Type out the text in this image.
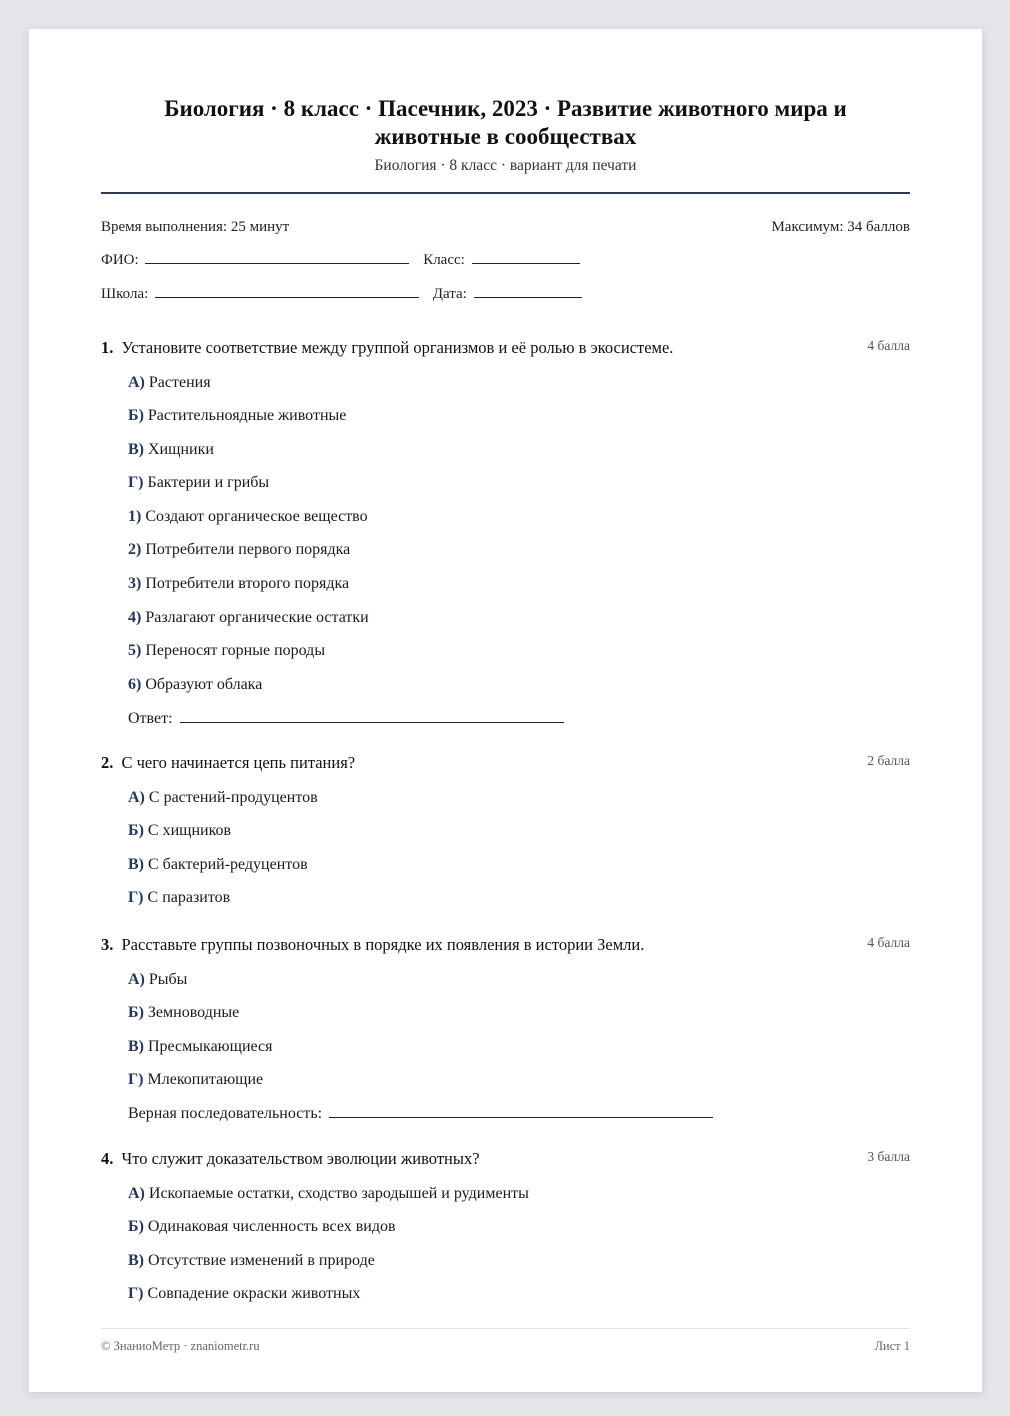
Биология · 8 класс · Пасечник, 2023 · Развитие животного мира и
животные в сообществах
Биология · 8 класс · вариант для печати
Время выполнения: 25 минут	Максимум: 34 баллов
ФИО:	Класс:
Школа:	Дата:
1. Установите соответствие между группой организмов и её ролью в экосистеме.	4 балла
А) Растения
Б) Растительноядные животные
В) Хищники
Г) Бактерии и грибы
1) Создают органическое вещество
2) Потребители первого порядка
3) Потребители второго порядка
4) Разлагают органические остатки
5) Переносят горные породы
6) Образуют облака
Ответ:
2. С чего начинается цепь питания?	2 балла
А) С растений-продуцентов
Б) С хищников
В) С бактерий-редуцентов
Г) С паразитов
3. Расставьте группы позвоночных в порядке их появления в истории Земли.	4 балла
А) Рыбы
Б) Земноводные
В) Пресмыкающиеся
Г) Млекопитающие
Верная последовательность:
4. Что служит доказательством эволюции животных?	3 балла
А) Ископаемые остатки, сходство зародышей и рудименты
Б) Одинаковая численность всех видов
В) Отсутствие изменений в природе
Г) Совпадение окраски животных
© ЗнаниоМетр · znaniometr.ru	Лист 1
